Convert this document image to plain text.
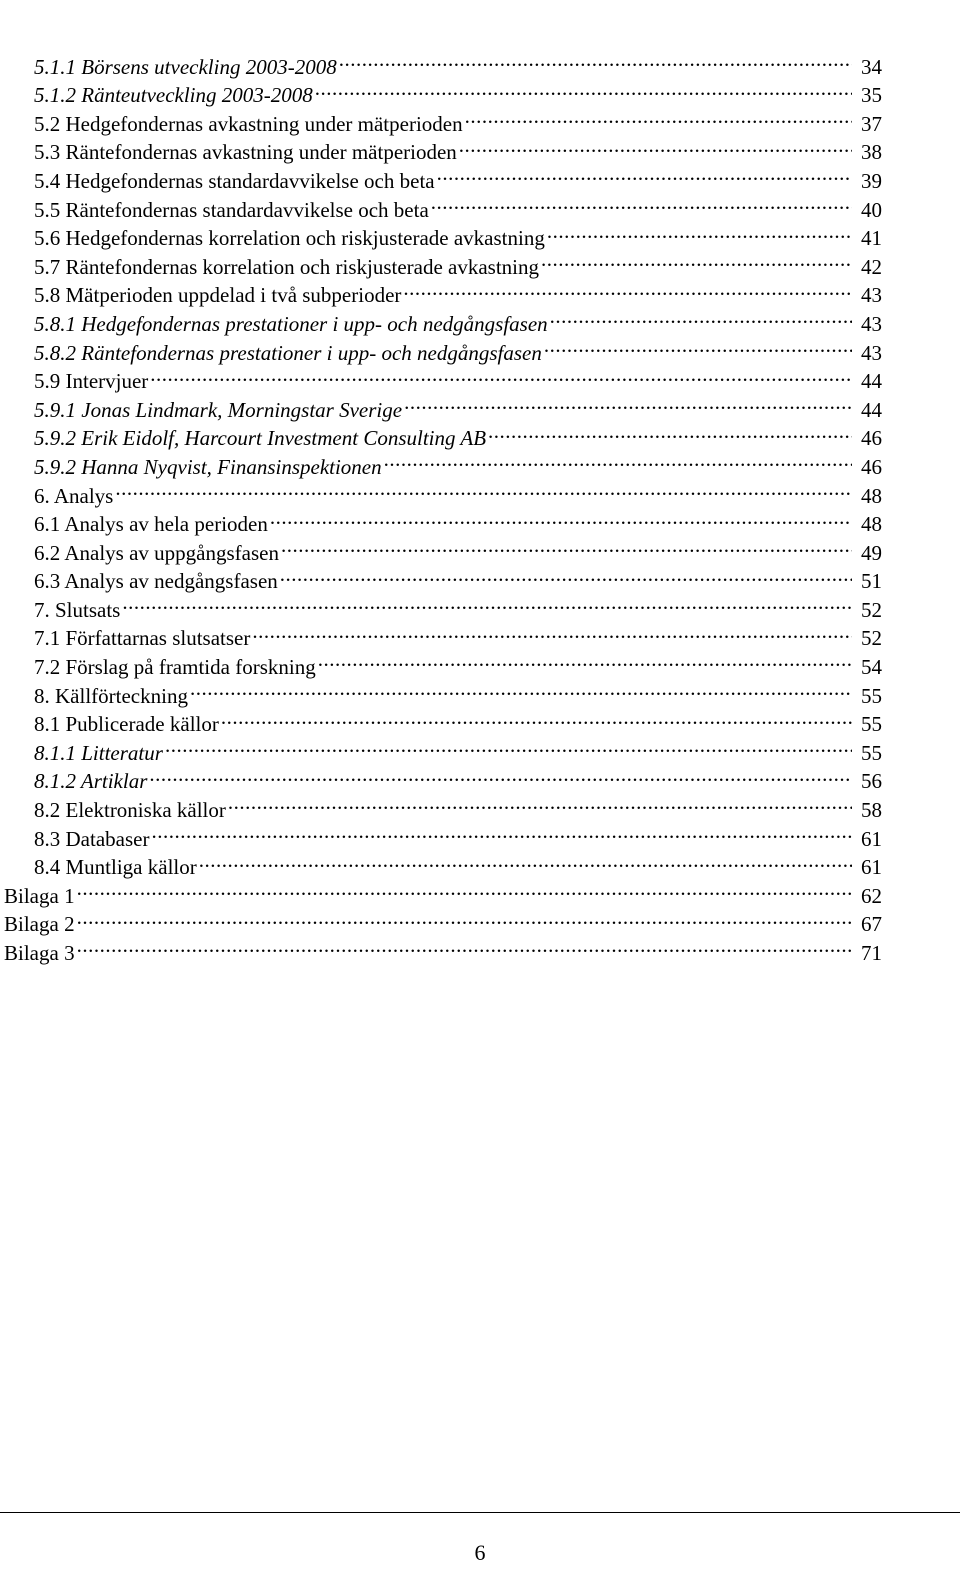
5.1.1 Börsens utveckling 2003-2008 .....	34
5.1.2 Ränteutveckling 2003-2008 .....	35
5.2 Hedgefondernas avkastning under mätperioden .....	37
5.3 Räntefondernas avkastning under mätperioden .....	38
5.4 Hedgefondernas standardavvikelse och beta .....	39
5.5 Räntefondernas standardavvikelse och beta .....	40
5.6 Hedgefondernas korrelation och riskjusterade avkastning .....	41
5.7 Räntefondernas korrelation och riskjusterade avkastning .....	42
5.8 Mätperioden uppdelad i två subperioder .....	43
5.8.1 Hedgefondernas prestationer i upp- och nedgångsfasen .....	43
5.8.2 Räntefondernas prestationer i upp- och nedgångsfasen .....	43
5.9 Intervjuer .....	44
5.9.1 Jonas Lindmark, Morningstar Sverige .....	44
5.9.2 Erik Eidolf, Harcourt Investment Consulting AB .....	46
5.9.2 Hanna Nyqvist, Finansinspektionen .....	46
6. Analys .....	48
6.1 Analys av hela perioden .....	48
6.2 Analys av uppgångsfasen .....	49
6.3 Analys av nedgångsfasen .....	51
7. Slutsats .....	52
7.1 Författarnas slutsatser .....	52
7.2 Förslag på framtida forskning .....	54
8. Källförteckning .....	55
8.1 Publicerade källor .....	55
8.1.1 Litteratur .....	55
8.1.2 Artiklar .....	56
8.2 Elektroniska källor .....	58
8.3 Databaser .....	61
8.4 Muntliga källor .....	61
Bilaga 1 .....	62
Bilaga 2 .....	67
Bilaga 3 .....	71
6
